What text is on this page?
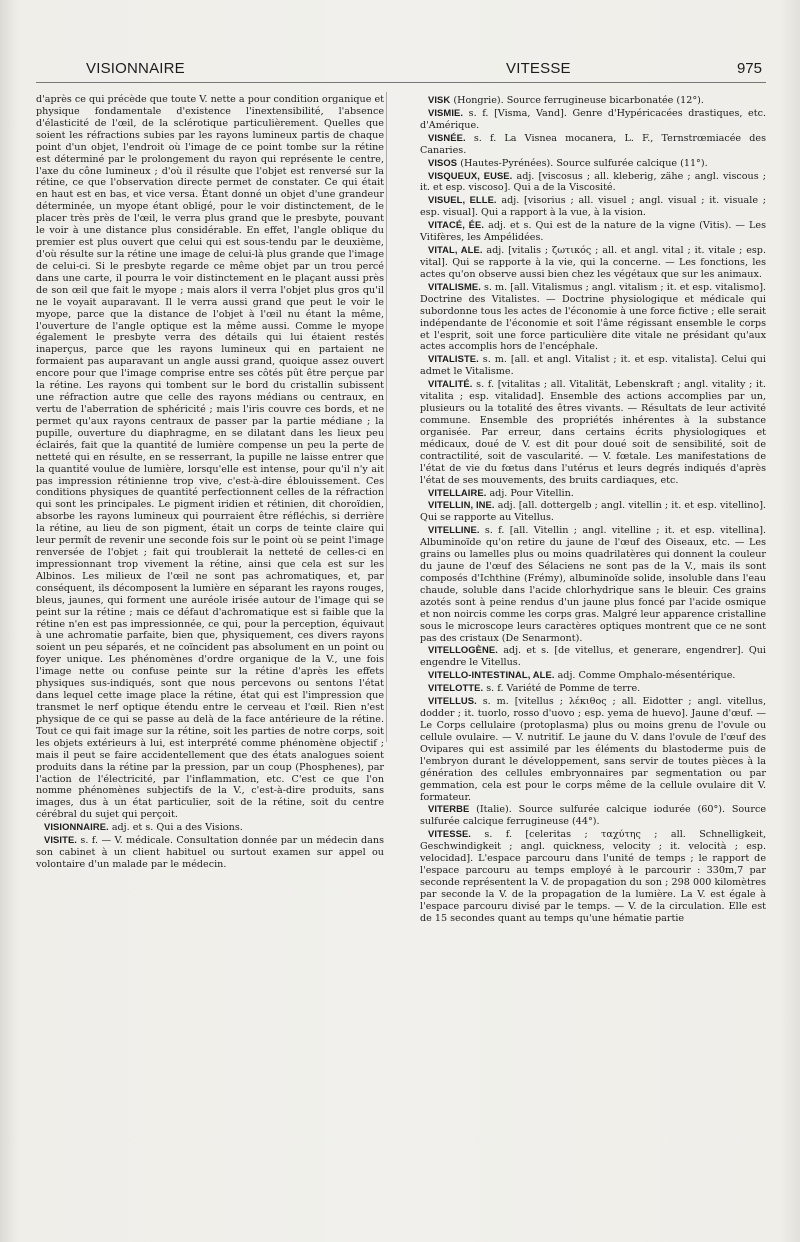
VISIONNAIRE	VITESSE	975

d'après ce qui précède que toute V. nette a pour condition organique et physique fondamentale d'existence l'inextensibilité, l'absence d'élasticité de l'œil, de la sclérotique particulièrement. Quelles que soient les réfractions subies par les rayons lumineux partis de chaque point d'un objet, l'endroit où l'image de ce point tombe sur la rétine est déterminé par le prolongement du rayon qui représente le centre, l'axe du cône lumineux ; d'où il résulte que l'objet est renversé sur la rétine, ce que l'observation directe permet de constater. Ce qui était en haut est en bas, et vice versa. Étant donné un objet d'une grandeur déterminée, un myope étant obligé, pour le voir distinctement, de le placer très près de l'œil, le verra plus grand que le presbyte, pouvant le voir à une distance plus considérable. En effet, l'angle oblique du premier est plus ouvert que celui qui est sous-tendu par le deuxième, d'où résulte sur la rétine une image de celui-là plus grande que l'image de celui-ci. Si le presbyte regarde ce même objet par un trou percé dans une carte, il pourra le voir distinctement en le plaçant aussi près de son œil que fait le myope ; mais alors il verra l'objet plus gros qu'il ne le voyait auparavant. Il le verra aussi grand que peut le voir le myope, parce que la distance de l'objet à l'œil nu étant la même, l'ouverture de l'angle optique est la même aussi. Comme le myope également le presbyte verra des détails qui lui étaient restés inaperçus, parce que les rayons lumineux qui en partaient ne formaient pas auparavant un angle aussi grand, quoique assez ouvert encore pour que l'image comprise entre ses côtés pût être perçue par la rétine. Les rayons qui tombent sur le bord du cristallin subissent une réfraction autre que celle des rayons médians ou centraux, en vertu de l'aberration de sphéricité ; mais l'iris couvre ces bords, et ne permet qu'aux rayons centraux de passer par la partie médiane ; la pupille, ouverture du diaphragme, en se dilatant dans les lieux peu éclairés, fait que la quantité de lumière compense un peu la perte de netteté qui en résulte, en se resserrant, la pupille ne laisse entrer que la quantité voulue de lumière, lorsqu'elle est intense, pour qu'il n'y ait pas impression rétinienne trop vive, c'est-à-dire éblouissement. Ces conditions physiques de quantité perfectionnent celles de la réfraction qui sont les principales. Le pigment iridien et rétinien, dit choroïdien, absorbe les rayons lumineux qui pourraient être réfléchis, si derrière la rétine, au lieu de son pigment, était un corps de teinte claire qui leur permît de revenir une seconde fois sur le point où se peint l'image renversée de l'objet ; fait qui troublerait la netteté de celles-ci en impressionnant trop vivement la rétine, ainsi que cela est sur les Albinos. Les milieux de l'œil ne sont pas achromatiques, et, par conséquent, ils décomposent la lumière en séparant les rayons rouges, bleus, jaunes, qui forment une auréole irisée autour de l'image qui se peint sur la rétine ; mais ce défaut d'achromatique est si faible que la rétine n'en est pas impressionnée, ce qui, pour la perception, équivaut à une achromatie parfaite, bien que, physiquement, ces divers rayons soient un peu séparés, et ne coïncident pas absolument en un point ou foyer unique. Les phénomènes d'ordre organique de la V., une fois l'image nette ou confuse peinte sur la rétine d'après les effets physiques sus-indiqués, sont que nous percevons ou sentons l'état dans lequel cette image place la rétine, état qui est l'impression que transmet le nerf optique étendu entre le cerveau et l'œil. Rien n'est physique de ce qui se passe au delà de la face antérieure de la rétine. Tout ce qui fait image sur la rétine, soit les parties de notre corps, soit les objets extérieurs à lui, est interprété comme phénomène objectif ; mais il peut se faire accidentellement que des états analogues soient produits dans la rétine par la pression, par un coup (Phosphenes), par l'action de l'électricité, par l'inflammation, etc. C'est ce que l'on nomme phénomènes subjectifs de la V., c'est-à-dire produits, sans images, dus à un état particulier, soit de la rétine, soit du centre cérébral du sujet qui perçoit.

VISIONNAIRE. adj. et s. Qui a des Visions.

VISITE. s. f. — V. médicale. Consultation donnée par un médecin dans son cabinet à un client habituel ou surtout examen sur appel ou volontaire d'un malade par le médecin.

VISK (Hongrie). Source ferrugineuse bicarbonatée (12°).

VISMIE. s. f. [Visma, Vand]. Genre d'Hypéricacées drastiques, etc. d'Amérique.

VISNÉE. s. f. La Visnea mocanera, L. F., Ternstrœmiacée des Canaries.

VISOS (Hautes-Pyrénées). Source sulfurée calcique (11°).

VISQUEUX, EUSE. adj. [viscosus ; all. kleberig, zähe ; angl. viscous ; it. et esp. viscoso]. Qui a de la Viscosité.

VISUEL, ELLE. adj. [visorius ; all. visuel ; angl. visual ; it. visuale ; esp. visual]. Qui a rapport à la vue, à la vision.

VITACÉ, ÉE. adj. et s. Qui est de la nature de la vigne (Vitis). — Les Vitifères, les Ampélidées.

VITAL, ALE. adj. [vitalis ; ζωτικός ; all. et angl. vital ; it. vitale ; esp. vital]. Qui se rapporte à la vie, qui la concerne. — Les fonctions, les actes qu'on observe aussi bien chez les végétaux que sur les animaux.

VITALISME. s. m. [all. Vitalismus ; angl. vitalism ; it. et esp. vitalismo]. Doctrine des Vitalistes. — Doctrine physiologique et médicale qui subordonne tous les actes de l'économie à une force fictive ; elle serait indépendante de l'économie et soit l'âme régissant ensemble le corps et l'esprit, soit une force particulière dite vitale ne présidant qu'aux actes accomplis hors de l'encéphale.

VITALISTE. s. m. [all. et angl. Vitalist ; it. et esp. vitalista]. Celui qui admet le Vitalisme.

VITALITÉ. s. f. [vitalitas ; all. Vitalität, Lebenskraft ; angl. vitality ; it. vitalita ; esp. vitalidad]. Ensemble des actions accomplies par un, plusieurs ou la totalité des êtres vivants. — Résultats de leur activité commune. Ensemble des propriétés inhérentes à la substance organisée. Par erreur, dans certains écrits physiologiques et médicaux, doué de V. est dit pour doué soit de sensibilité, soit de contractilité, soit de vascularité. — V. fœtale. Les manifestations de l'état de vie du fœtus dans l'utérus et leurs degrés indiqués d'après l'état de ses mouvements, des bruits cardiaques, etc.

VITELLAIRE. adj. Pour Vitellin.

VITELLIN, INE. adj. [all. dottergelb ; angl. vitellin ; it. et esp. vitellino]. Qui se rapporte au Vitellus.

VITELLINE. s. f. [all. Vitellin ; angl. vitelline ; it. et esp. vitellina]. Albuminoïde qu'on retire du jaune de l'œuf des Oiseaux, etc. — Les grains ou lamelles plus ou moins quadrilatères qui donnent la couleur du jaune de l'œuf des Sélaciens ne sont pas de la V., mais ils sont composés d'Ichthine (Frémy), albuminoïde solide, insoluble dans l'eau chaude, soluble dans l'acide chlorhydrique sans le bleuir. Ces grains azotés sont à peine rendus d'un jaune plus foncé par l'acide osmique et non noircis comme les corps gras. Malgré leur apparence cristalline sous le microscope leurs caractères optiques montrent que ce ne sont pas des cristaux (De Senarmont).

VITELLOGÈNE. adj. et s. [de vitellus, et generare, engendrer]. Qui engendre le Vitellus.

VITELLO-INTESTINAL, ALE. adj. Comme Omphalo-mésentérique.

VITELOTTE. s. f. Variété de Pomme de terre.

VITELLUS. s. m. [vitellus ; λέκιθος ; all. Eidotter ; angl. vitellus, dodder ; it. tuorlo, rosso d'uovo ; esp. yema de huevo]. Jaune d'œuf. — Le Corps cellulaire (protoplasma) plus ou moins grenu de l'ovule ou cellule ovulaire. — V. nutritif. Le jaune du V. dans l'ovule de l'œuf des Ovipares qui est assimilé par les éléments du blastoderme puis de l'embryon durant le développement, sans servir de toutes pièces à la génération des cellules embryonnaires par segmentation ou par gemmation, cela est pour le corps même de la cellule ovulaire dit V. formateur.

VITERBE (Italie). Source sulfurée calcique iodurée (60°). Source sulfurée calcique ferrugineuse (44°).

VITESSE. s. f. [celeritas ; ταχύτης ; all. Schnelligkeit, Geschwindigkeit ; angl. quickness, velocity ; it. velocità ; esp. velocidad]. L'espace parcouru dans l'unité de temps ; le rapport de l'espace parcouru au temps employé à le parcourir : 330m,7 par seconde représentent la V. de propagation du son ; 298 000 kilomètres par seconde la V. de la propagation de la lumière. La V. est égale à l'espace parcouru divisé par le temps. — V. de la circulation. Elle est de 15 secondes quant au temps qu'une hématie partie
